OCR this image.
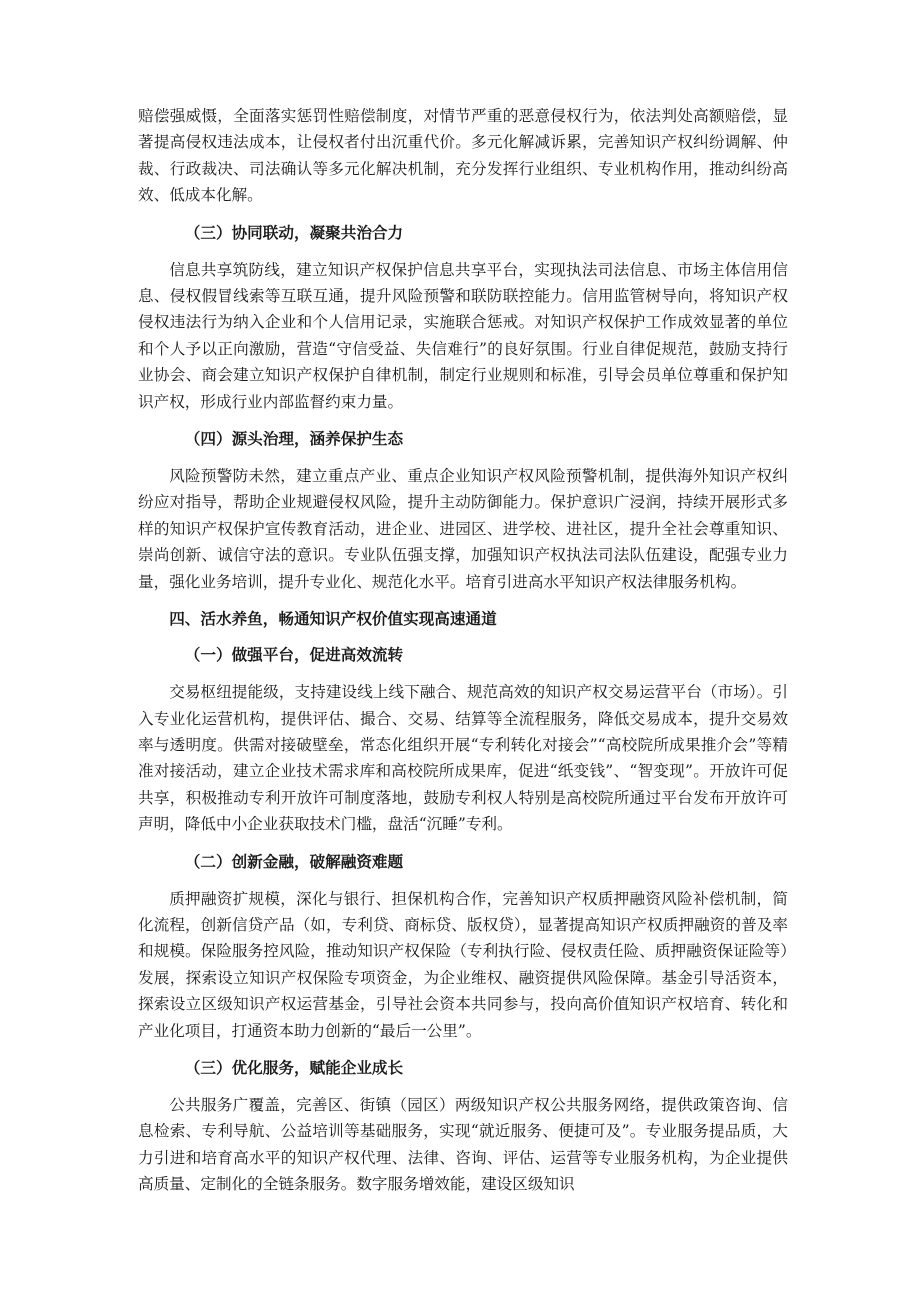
赔偿强威慑，全面落实惩罚性赔偿制度，对情节严重的恶意侵权行为，依法判处高额赔偿，显著提高侵权违法成本，让侵权者付出沉重代价。多元化解减诉累，完善知识产权纠纷调解、仲裁、行政裁决、司法确认等多元化解决机制，充分发挥行业组织、专业机构作用，推动纠纷高效、低成本化解。

（三）协同联动，凝聚共治合力

信息共享筑防线，建立知识产权保护信息共享平台，实现执法司法信息、市场主体信用信息、侵权假冒线索等互联互通，提升风险预警和联防联控能力。信用监管树导向，将知识产权侵权违法行为纳入企业和个人信用记录，实施联合惩戒。对知识产权保护工作成效显著的单位和个人予以正向激励，营造“守信受益、失信难行”的良好氛围。行业自律促规范，鼓励支持行业协会、商会建立知识产权保护自律机制，制定行业规则和标准，引导会员单位尊重和保护知识产权，形成行业内部监督约束力量。

（四）源头治理，涵养保护生态

风险预警防未然，建立重点产业、重点企业知识产权风险预警机制，提供海外知识产权纠纷应对指导，帮助企业规避侵权风险，提升主动防御能力。保护意识广浸润，持续开展形式多样的知识产权保护宣传教育活动，进企业、进园区、进学校、进社区，提升全社会尊重知识、崇尚创新、诚信守法的意识。专业队伍强支撑，加强知识产权执法司法队伍建设，配强专业力量，强化业务培训，提升专业化、规范化水平。培育引进高水平知识产权法律服务机构。

四、活水养鱼，畅通知识产权价值实现高速通道
（一）做强平台，促进高效流转

交易枢纽提能级，支持建设线上线下融合、规范高效的知识产权交易运营平台（市场）。引入专业化运营机构，提供评估、撮合、交易、结算等全流程服务，降低交易成本，提升交易效率与透明度。供需对接破壁垒，常态化组织开展“专利转化对接会”“高校院所成果推介会”等精准对接活动，建立企业技术需求库和高校院所成果库，促进“纸变钱”、“智变现”。开放许可促共享，积极推动专利开放许可制度落地，鼓励专利权人特别是高校院所通过平台发布开放许可声明，降低中小企业获取技术门槛，盘活“沉睡”专利。

（二）创新金融，破解融资难题

质押融资扩规模，深化与银行、担保机构合作，完善知识产权质押融资风险补偿机制，简化流程，创新信贷产品（如，专利贷、商标贷、版权贷），显著提高知识产权质押融资的普及率和规模。保险服务控风险，推动知识产权保险（专利执行险、侵权责任险、质押融资保证险等）发展，探索设立知识产权保险专项资金，为企业维权、融资提供风险保障。基金引导活资本，探索设立区级知识产权运营基金，引导社会资本共同参与，投向高价值知识产权培育、转化和产业化项目，打通资本助力创新的“最后一公里”。

（三）优化服务，赋能企业成长

公共服务广覆盖，完善区、街镇（园区）两级知识产权公共服务网络，提供政策咨询、信息检索、专利导航、公益培训等基础服务，实现“就近服务、便捷可及”。专业服务提品质，大力引进和培育高水平的知识产权代理、法律、咨询、评估、运营等专业服务机构，为企业提供高质量、定制化的全链条服务。数字服务增效能，建设区级知识
